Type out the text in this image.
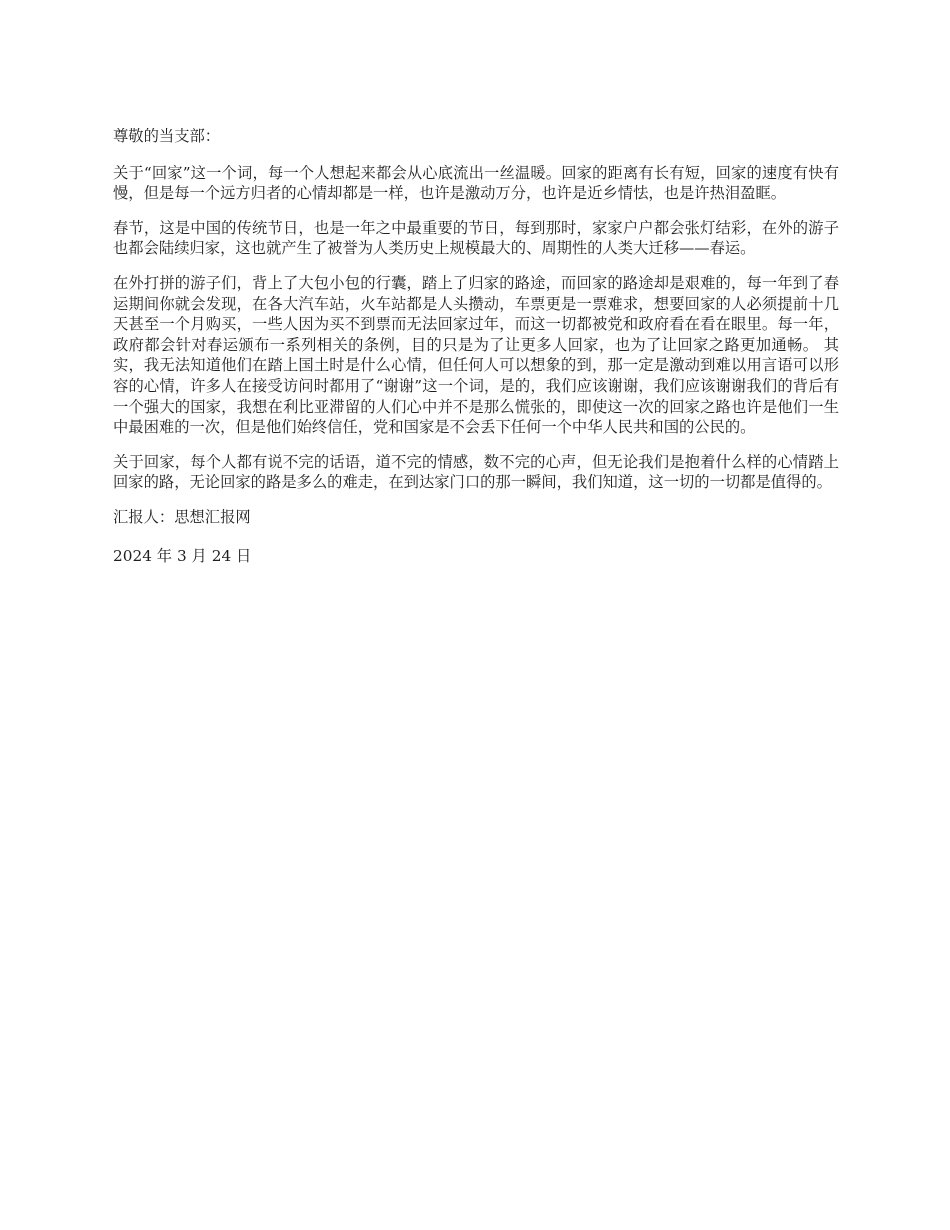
尊敬的当支部：

关于“回家”这一个词，每一个人想起来都会从心底流出一丝温暖。回家的距离有长有短，回家的速度有快有慢，但是每一个远方归者的心情却都是一样，也许是激动万分，也许是近乡情怯，也是许热泪盈眶。

春节，这是中国的传统节日，也是一年之中最重要的节日，每到那时，家家户户都会张灯结彩，在外的游子也都会陆续归家，这也就产生了被誉为人类历史上规模最大的、周期性的人类大迁移——春运。

在外打拼的游子们，背上了大包小包的行囊，踏上了归家的路途，而回家的路途却是艰难的，每一年到了春运期间你就会发现，在各大汽车站，火车站都是人头攒动，车票更是一票难求，想要回家的人必须提前十几天甚至一个月购买，一些人因为买不到票而无法回家过年，而这一切都被党和政府看在看在眼里。每一年，政府都会针对春运颁布一系列相关的条例，目的只是为了让更多人回家，也为了让回家之路更加通畅。 其实，我无法知道他们在踏上国土时是什么心情，但任何人可以想象的到，那一定是激动到难以用言语可以形容的心情，许多人在接受访问时都用了“谢谢”这一个词，是的，我们应该谢谢，我们应该谢谢我们的背后有一个强大的国家，我想在利比亚滞留的人们心中并不是那么慌张的，即使这一次的回家之路也许是他们一生中最困难的一次，但是他们始终信任，党和国家是不会丢下任何一个中华人民共和国的公民的。

关于回家，每个人都有说不完的话语，道不完的情感，数不完的心声，但无论我们是抱着什么样的心情踏上回家的路，无论回家的路是多么的难走，在到达家门口的那一瞬间，我们知道，这一切的一切都是值得的。

汇报人：思想汇报网

2024 年 3 月 24 日
